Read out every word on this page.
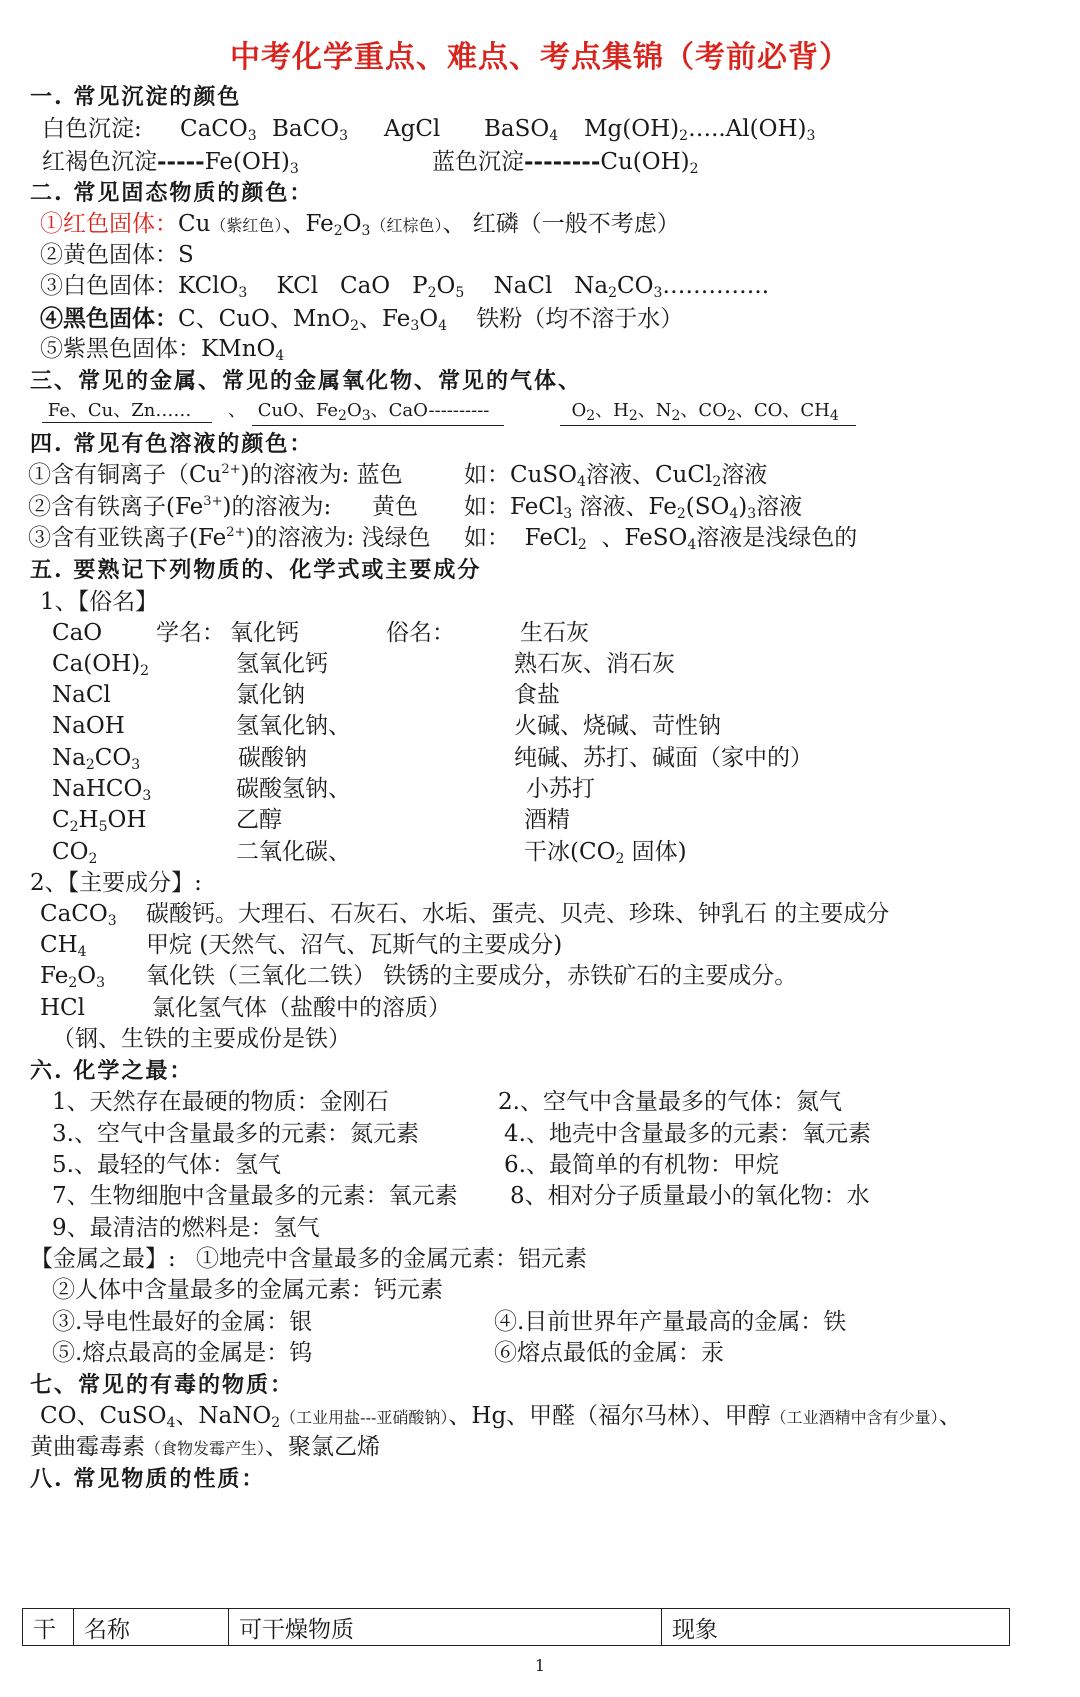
中考化学重点、难点、考点集锦（考前必背）
一. 常见沉淀的颜色
白色沉淀: CaCO$_3$ BaCO$_3$ AgCl BaSO$_4$ $Mg(OH)_2\dots..Al(OH)_3$
红褐色沉淀$-----Fe(OH)_3$	蓝色沉淀$--------Cu(OH)_2$
二. 常见固态物质的颜色：
①红色固体：Cu（紫红色）、$Fe_2O_3$（红棕色）、 红磷（一般不考虑）
②黄色固体：S
③白色固体：KClO$_3$    KCl   CaO   $P_2O_5$    NaCl   $Na_2CO_3\dots\dots\dots\dots$..
④黑色固体：C、CuO、MnO$_2$、$Fe_3O_4$ 铁粉（均不溶于水）
⑤紫黑色固体：KMnO$_4$
三、常见的金属、常见的金属氧化物、常见的气体、
Fe、Cu、Zn……	、 CuO、$Fe_2O_3$、CaO----------	$O_2$、$H_2$、$N_2$、$CO_2$、CO、$CH_4$
四. 常见有色溶液的颜色：
①含有铜离子$(Cu^{2+})$的溶液为: 蓝色	如：CuSO$_4$溶液、CuCl$_2$溶液
②含有铁离子$(Fe^{3+})$的溶液为: 黄色 如：FeCl$_3$ 溶液、$Fe_2(SO_4)_3$溶液
③含有亚铁离子$(Fe^{2+})$的溶液为: 浅绿色 如：  FeCl$_2$  、FeSO$_4$溶液是浅绿色的
五. 要熟记下列物质的、化学式或主要成分
1、【俗名】
学名：	俗名：
CaO	氧化钙	生石灰
$Ca(OH)_2$	氢氧化钙	熟石灰、消石灰
NaCl	氯化钠	食盐
NaOH	氢氧化钠、	火碱、烧碱、苛性钠
$Na_2CO_3$	碳酸钠	纯碱、苏打、碱面（家中的）
NaHCO$_3$	碳酸氢钠、	小苏打
$C_2H_5OH$	乙醇	酒精
$CO_2$	二氧化碳、	干冰($CO_2$ 固体)
2、【主要成分】:
CaCO$_3$ 碳酸钙。大理石、石灰石、水垢、蛋壳、贝壳、珍珠、钟乳石 的主要成分
$CH_4$	甲烷 (天然气、沼气、瓦斯气的主要成分)
$Fe_2O_3$ 氧化铁（三氧化二铁） 铁锈的主要成分，赤铁矿石的主要成分。
HCl	氯化氢气体（盐酸中的溶质）
（钢、生铁的主要成份是铁）
六. 化学之最：
1、天然存在最硬的物质：金刚石	2.、空气中含量最多的气体：氮气
3.、空气中含量最多的元素：氮元素	4.、地壳中含量最多的元素：氧元素
5.、最轻的气体：氢气	6.、最简单的有机物：甲烷
7、生物细胞中含量最多的元素：氧元素 8、相对分子质量最小的氧化物：水
9、最清洁的燃料是：氢气
【金属之最】: ①地壳中含量最多的金属元素：铝元素
②人体中含量最多的金属元素：钙元素
③.导电性最好的金属：银	④.目前世界年产量最高的金属：铁
⑤.熔点最高的金属是：钨	⑥熔点最低的金属：汞
七、常见的有毒的物质：
CO、CuSO$_4$、NaNO$_2$（工业用盐---亚硝酸钠）、Hg、甲醛（福尔马林）、甲醇（工业酒精中含有少量）、
黄曲霉毒素（食物发霉产生）、聚氯乙烯
八. 常见物质的性质：
干	名称	可干燥物质	现象
1
